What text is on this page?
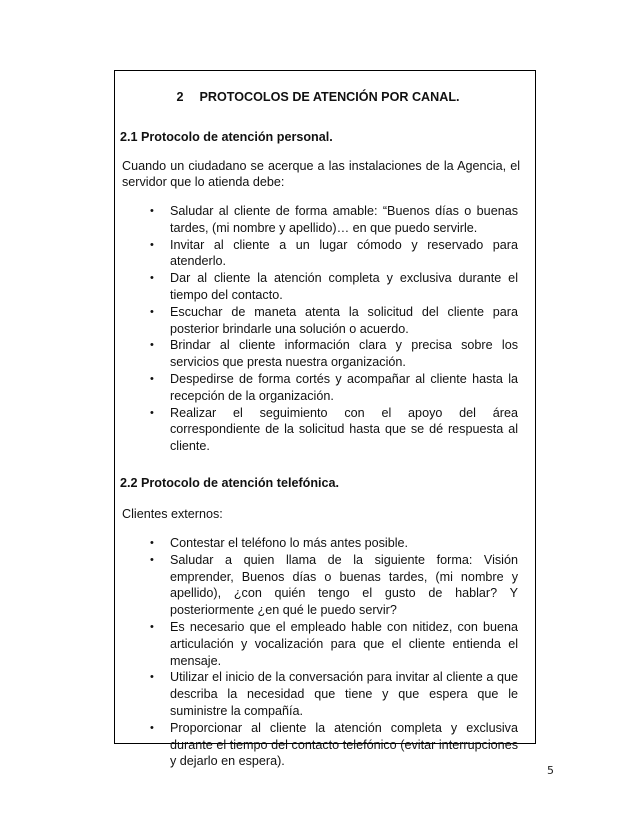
2 PROTOCOLOS DE ATENCIÓN POR CANAL.
2.1 Protocolo de atención personal.
Cuando un ciudadano se acerque a las instalaciones de la Agencia, el servidor que lo atienda debe:
• Saludar al cliente de forma amable: “Buenos días o buenas tardes, (mi nombre y apellido)… en que puedo servirle.
• Invitar al cliente a un lugar cómodo y reservado para atenderlo.
• Dar al cliente la atención completa y exclusiva durante el tiempo del contacto.
• Escuchar de maneta atenta la solicitud del cliente para posterior brindarle una solución o acuerdo.
• Brindar al cliente información clara y precisa sobre los servicios que presta nuestra organización.
• Despedirse de forma cortés y acompañar al cliente hasta la recepción de la organización.
• Realizar el seguimiento con el apoyo del área correspondiente de la solicitud hasta que se dé respuesta al cliente.
2.2 Protocolo de atención telefónica.
Clientes externos:
• Contestar el teléfono lo más antes posible.
• Saludar a quien llama de la siguiente forma: Visión emprender, Buenos días o buenas tardes, (mi nombre y apellido), ¿con quién tengo el gusto de hablar? Y posteriormente ¿en qué le puedo servir?
• Es necesario que el empleado hable con nitidez, con buena articulación y vocalización para que el cliente entienda el mensaje.
• Utilizar el inicio de la conversación para invitar al cliente a que describa la necesidad que tiene y que espera que le suministre la compañía.
• Proporcionar al cliente la atención completa y exclusiva durante el tiempo del contacto telefónico (evitar interrupciones y dejarlo en espera).
5
